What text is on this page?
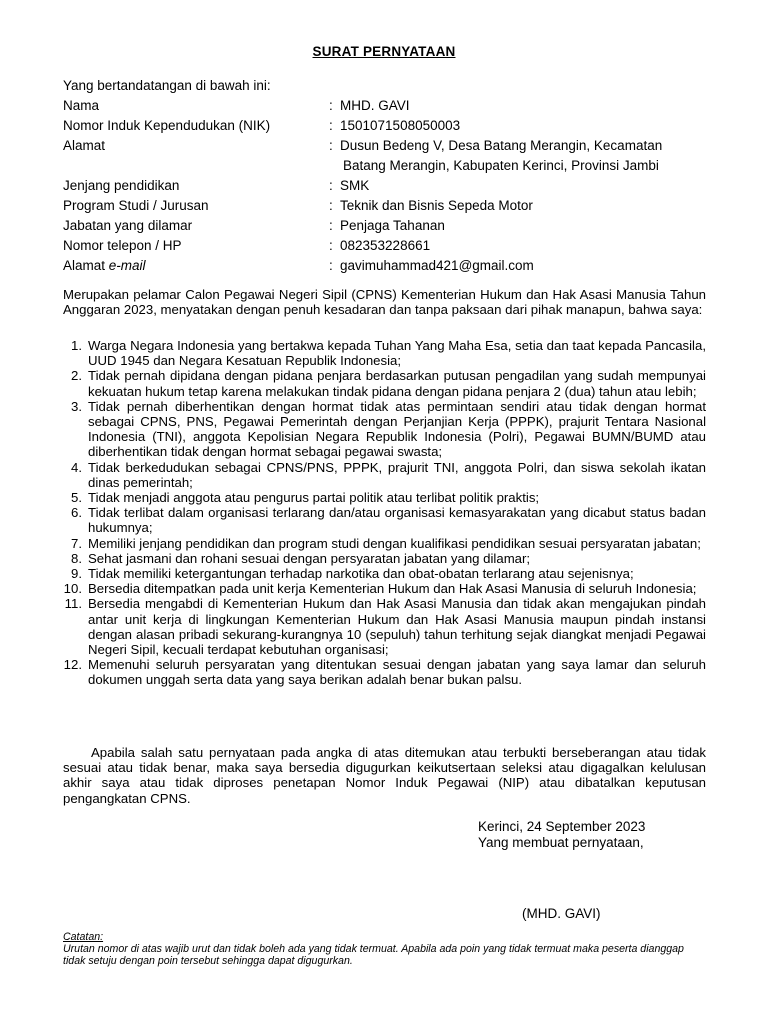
SURAT PERNYATAAN
Yang bertandatangan di bawah ini:
Nama	: MHD. GAVI
Nomor Induk Kependudukan (NIK)	: 1501071508050003
Alamat	: Dusun Bedeng V, Desa Batang Merangin, Kecamatan
Batang Merangin, Kabupaten Kerinci, Provinsi Jambi
Jenjang pendidikan	: SMK
Program Studi / Jurusan	: Teknik dan Bisnis Sepeda Motor
Jabatan yang dilamar	: Penjaga Tahanan
Nomor telepon / HP	: 082353228661
Alamat e-mail	: gavimuhammad421@gmail.com
Merupakan pelamar Calon Pegawai Negeri Sipil (CPNS) Kementerian Hukum dan Hak Asasi Manusia Tahun Anggaran 2023, menyatakan dengan penuh kesadaran dan tanpa paksaan dari pihak manapun, bahwa saya:
1. Warga Negara Indonesia yang bertakwa kepada Tuhan Yang Maha Esa, setia dan taat kepada Pancasila, UUD 1945 dan Negara Kesatuan Republik Indonesia;
2. Tidak pernah dipidana dengan pidana penjara berdasarkan putusan pengadilan yang sudah mempunyai kekuatan hukum tetap karena melakukan tindak pidana dengan pidana penjara 2 (dua) tahun atau lebih;
3. Tidak pernah diberhentikan dengan hormat tidak atas permintaan sendiri atau tidak dengan hormat sebagai CPNS, PNS, Pegawai Pemerintah dengan Perjanjian Kerja (PPPK), prajurit Tentara Nasional Indonesia (TNI), anggota Kepolisian Negara Republik Indonesia (Polri), Pegawai BUMN/BUMD atau diberhentikan tidak dengan hormat sebagai pegawai swasta;
4. Tidak berkedudukan sebagai CPNS/PNS, PPPK, prajurit TNI, anggota Polri, dan siswa sekolah ikatan dinas pemerintah;
5. Tidak menjadi anggota atau pengurus partai politik atau terlibat politik praktis;
6. Tidak terlibat dalam organisasi terlarang dan/atau organisasi kemasyarakatan yang dicabut status badan hukumnya;
7. Memiliki jenjang pendidikan dan program studi dengan kualifikasi pendidikan sesuai persyaratan jabatan;
8. Sehat jasmani dan rohani sesuai dengan persyaratan jabatan yang dilamar;
9. Tidak memiliki ketergantungan terhadap narkotika dan obat-obatan terlarang atau sejenisnya;
10. Bersedia ditempatkan pada unit kerja Kementerian Hukum dan Hak Asasi Manusia di seluruh Indonesia;
11. Bersedia mengabdi di Kementerian Hukum dan Hak Asasi Manusia dan tidak akan mengajukan pindah antar unit kerja di lingkungan Kementerian Hukum dan Hak Asasi Manusia maupun pindah instansi dengan alasan pribadi sekurang-kurangnya 10 (sepuluh) tahun terhitung sejak diangkat menjadi Pegawai Negeri Sipil, kecuali terdapat kebutuhan organisasi;
12. Memenuhi seluruh persyaratan yang ditentukan sesuai dengan jabatan yang saya lamar dan seluruh dokumen unggah serta data yang saya berikan adalah benar bukan palsu.
Apabila salah satu pernyataan pada angka di atas ditemukan atau terbukti berseberangan atau tidak sesuai atau tidak benar, maka saya bersedia digugurkan keikutsertaan seleksi atau digagalkan kelulusan akhir saya atau tidak diproses penetapan Nomor Induk Pegawai (NIP) atau dibatalkan keputusan pengangkatan CPNS.
Kerinci, 24 September 2023
Yang membuat pernyataan,
(MHD. GAVI)
Catatan:
Urutan nomor di atas wajib urut dan tidak boleh ada yang tidak termuat. Apabila ada poin yang tidak termuat maka peserta dianggap tidak setuju dengan poin tersebut sehingga dapat digugurkan.
